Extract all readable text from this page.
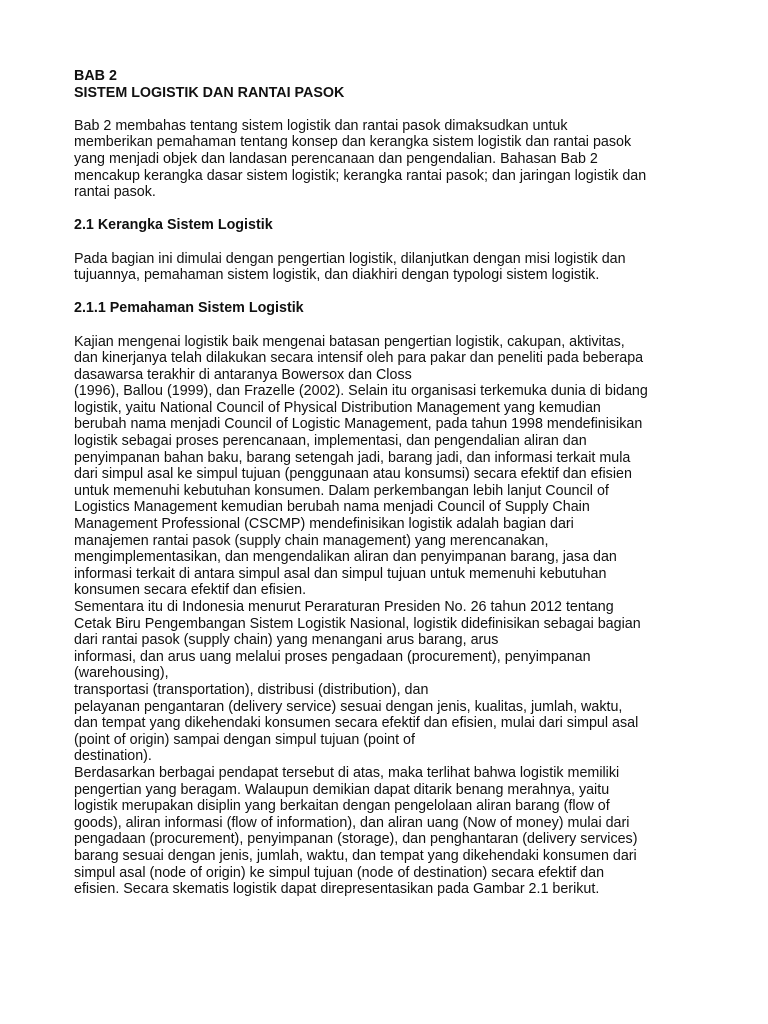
BAB 2
SISTEM LOGISTIK DAN RANTAI PASOK
Bab 2 membahas tentang sistem logistik dan rantai pasok dimaksudkan untuk
memberikan pemahaman tentang konsep dan kerangka sistem logistik dan rantai pasok
yang menjadi objek dan landasan perencanaan dan pengendalian. Bahasan Bab 2
mencakup kerangka dasar sistem logistik; kerangka rantai pasok; dan jaringan logistik dan
rantai pasok.
2.1 Kerangka Sistem Logistik
Pada bagian ini dimulai dengan pengertian logistik, dilanjutkan dengan misi logistik dan
tujuannya, pemahaman sistem logistik, dan diakhiri dengan typologi sistem logistik.
2.1.1 Pemahaman Sistem Logistik
Kajian mengenai logistik baik mengenai batasan pengertian logistik, cakupan, aktivitas,
dan kinerjanya telah dilakukan secara intensif oleh para pakar dan peneliti pada beberapa
dasawarsa terakhir di antaranya Bowersox dan Closs
(1996), Ballou (1999), dan Frazelle (2002). Selain itu organisasi terkemuka dunia di bidang
logistik, yaitu National Council of Physical Distribution Management yang kemudian
berubah nama menjadi Council of Logistic Management, pada tahun 1998 mendefinisikan
logistik sebagai proses perencanaan, implementasi, dan pengendalian aliran dan
penyimpanan bahan baku, barang setengah jadi, barang jadi, dan informasi terkait mula
dari simpul asal ke simpul tujuan (penggunaan atau konsumsi) secara efektif dan efisien
untuk memenuhi kebutuhan konsumen. Dalam perkembangan lebih lanjut Council of
Logistics Management kemudian berubah nama menjadi Council of Supply Chain
Management Professional (CSCMP) mendefinisikan logistik adalah bagian dari
manajemen rantai pasok (supply chain management) yang merencanakan,
mengimplementasikan, dan mengendalikan aliran dan penyimpanan barang, jasa dan
informasi terkait di antara simpul asal dan simpul tujuan untuk memenuhi kebutuhan
konsumen secara efektif dan efisien.
Sementara itu di Indonesia menurut Peraraturan Presiden No. 26 tahun 2012 tentang
Cetak Biru Pengembangan Sistem Logistik Nasional, logistik didefinisikan sebagai bagian
dari rantai pasok (supply chain) yang menangani arus barang, arus
informasi, dan arus uang melalui proses pengadaan (procurement), penyimpanan
(warehousing),
transportasi (transportation), distribusi (distribution), dan
pelayanan pengantaran (delivery service) sesuai dengan jenis, kualitas, jumlah, waktu,
dan tempat yang dikehendaki konsumen secara efektif dan efisien, mulai dari simpul asal
(point of origin) sampai dengan simpul tujuan (point of
destination).
Berdasarkan berbagai pendapat tersebut di atas, maka terlihat bahwa logistik memiliki
pengertian yang beragam. Walaupun demikian dapat ditarik benang merahnya, yaitu
logistik merupakan disiplin yang berkaitan dengan pengelolaan aliran barang (flow of
goods), aliran informasi (flow of information), dan aliran uang (Now of money) mulai dari
pengadaan (procurement), penyimpanan (storage), dan penghantaran (delivery services)
barang sesuai dengan jenis, jumlah, waktu, dan tempat yang dikehendaki konsumen dari
simpul asal (node of origin) ke simpul tujuan (node of destination) secara efektif dan
efisien. Secara skematis logistik dapat direpresentasikan pada Gambar 2.1 berikut.
